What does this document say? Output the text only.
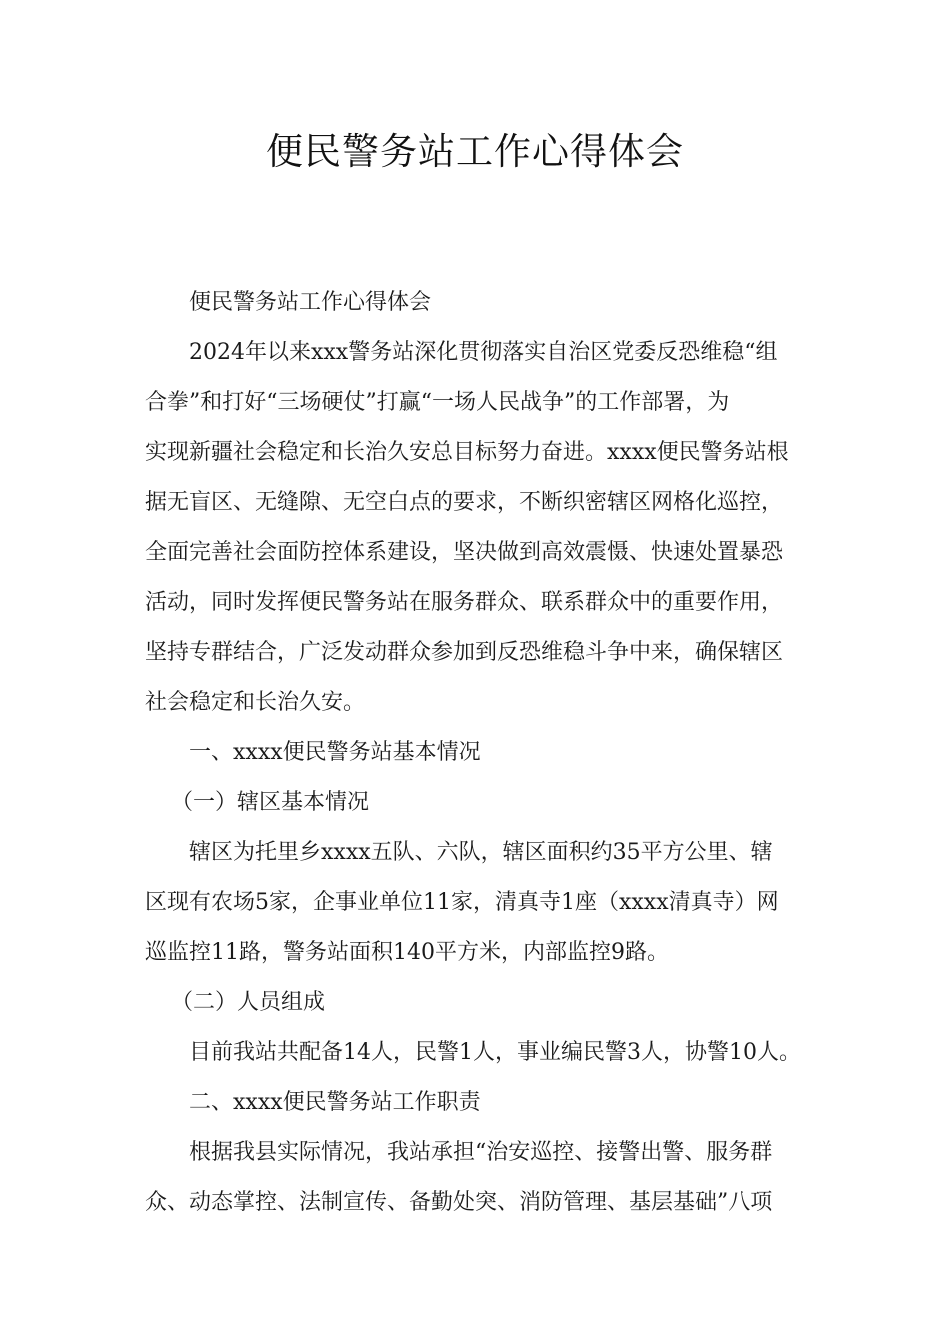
便民警务站工作心得体会
便民警务站工作心得体会
2024年以来xxx警务站深化贯彻落实自治区党委反恐维稳“组
合拳”和打好“三场硬仗”打赢“一场人民战争”的工作部署，为
实现新疆社会稳定和长治久安总目标努力奋进。xxxx便民警务站根
据无盲区、无缝隙、无空白点的要求，不断织密辖区网格化巡控，
全面完善社会面防控体系建设，坚决做到高效震慑、快速处置暴恐
活动，同时发挥便民警务站在服务群众、联系群众中的重要作用，
坚持专群结合，广泛发动群众参加到反恐维稳斗争中来，确保辖区
社会稳定和长治久安。
一、xxxx便民警务站基本情况
（一）辖区基本情况
辖区为托里乡xxxx五队、六队，辖区面积约35平方公里、辖
区现有农场5家，企事业单位11家，清真寺1座（xxxx清真寺）网
巡监控11路，警务站面积140平方米，内部监控9路。
（二）人员组成
目前我站共配备14人，民警1人，事业编民警3人，协警10人。
二、xxxx便民警务站工作职责
根据我县实际情况，我站承担“治安巡控、接警出警、服务群
众、动态掌控、法制宣传、备勤处突、消防管理、基层基础”八项
